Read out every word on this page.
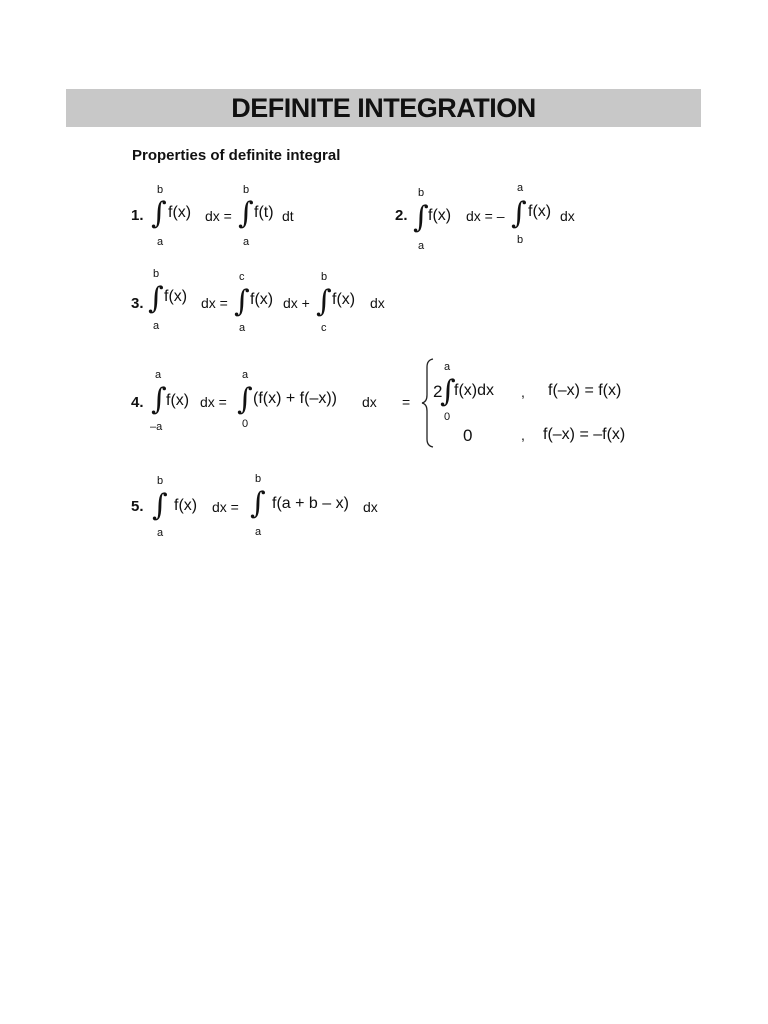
DEFINITE INTEGRATION
Properties of definite integral
1.
b
∫
a
f(x) dx =
b
∫
a
f(t) dt	2.
b
∫
a
f(x) dx = –
a
∫
b
f(x) dx
3.
b
∫
a
f(x) dx =
c
∫
a
f(x) dx +
b
∫
c
f(x) dx
4.
a
∫
–a
f(x) dx =
a
∫
0
(f(x) + f(–x)) dx =
2
a
∫
0
f(x)dx , f(–x) = f(x)
0	, f(–x) = –f(x)
5.
b
∫
a
f(x) dx =
b
∫
a
f(a + b – x) dx
